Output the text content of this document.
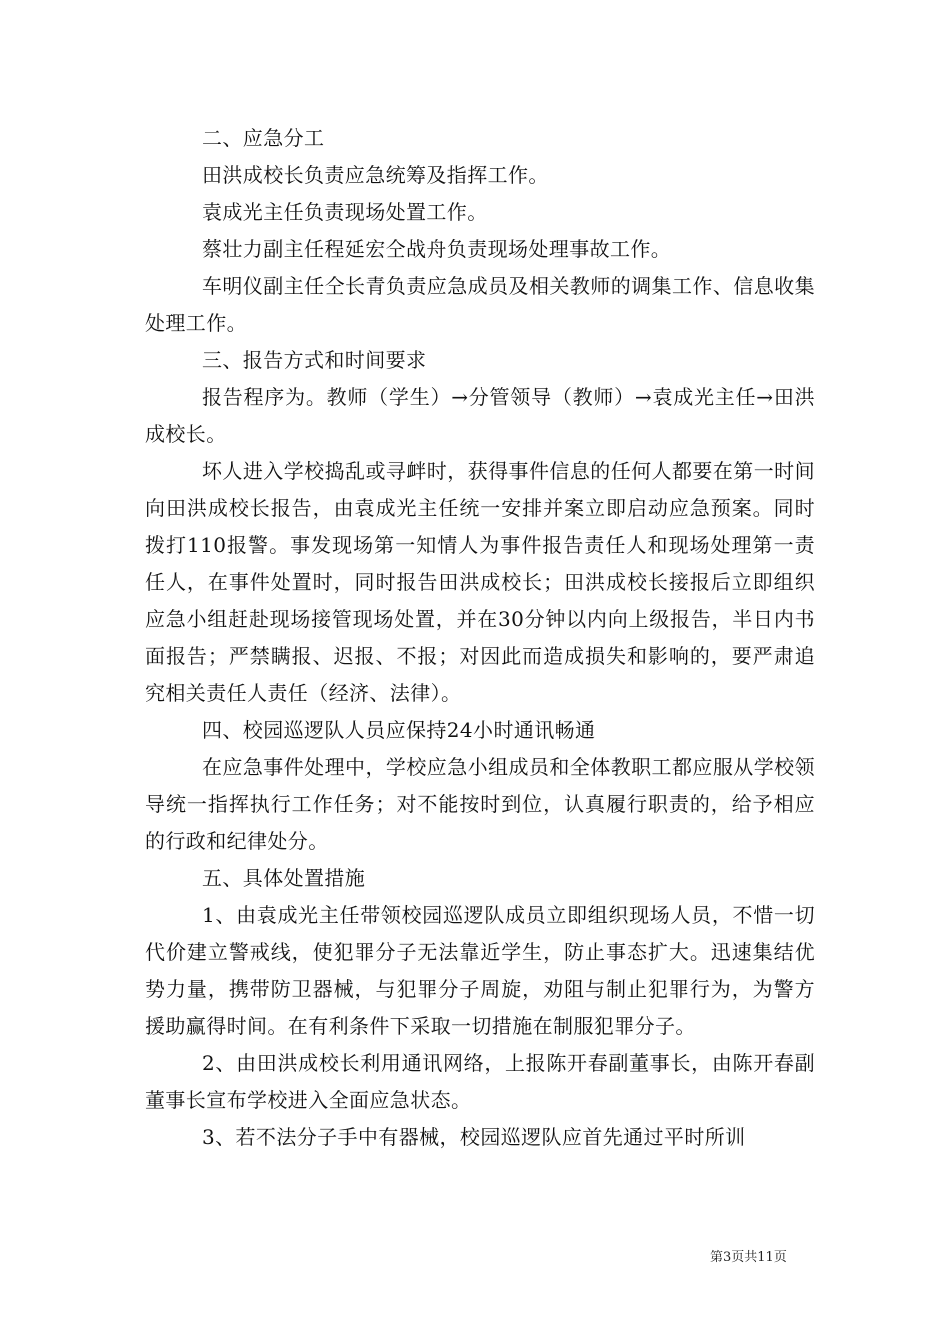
二、应急分工

田洪成校长负责应急统筹及指挥工作。

袁成光主任负责现场处置工作。

蔡壮力副主任程延宏仝战舟负责现场处理事故工作。

车明仪副主任仝长青负责应急成员及相关教师的调集工作、信息收集处理工作。

三、报告方式和时间要求

报告程序为。教师（学生）→分管领导（教师）→袁成光主任→田洪成校长。

坏人进入学校捣乱或寻衅时，获得事件信息的任何人都要在第一时间向田洪成校长报告，由袁成光主任统一安排并案立即启动应急预案。同时拨打110报警。事发现场第一知情人为事件报告责任人和现场处理第一责任人，在事件处置时，同时报告田洪成校长；田洪成校长接报后立即组织应急小组赶赴现场接管现场处置，并在30分钟以内向上级报告，半日内书面报告；严禁瞒报、迟报、不报；对因此而造成损失和影响的，要严肃追究相关责任人责任（经济、法律）。

四、校园巡逻队人员应保持24小时通讯畅通

在应急事件处理中，学校应急小组成员和全体教职工都应服从学校领导统一指挥执行工作任务；对不能按时到位，认真履行职责的，给予相应的行政和纪律处分。

五、具体处置措施

1、由袁成光主任带领校园巡逻队成员立即组织现场人员，不惜一切代价建立警戒线，使犯罪分子无法靠近学生，防止事态扩大。迅速集结优势力量，携带防卫器械，与犯罪分子周旋，劝阻与制止犯罪行为，为警方援助赢得时间。在有利条件下采取一切措施在制服犯罪分子。

2、由田洪成校长利用通讯网络，上报陈开春副董事长，由陈开春副董事长宣布学校进入全面应急状态。

3、若不法分子手中有器械，校园巡逻队应首先通过平时所训

第3页共11页
